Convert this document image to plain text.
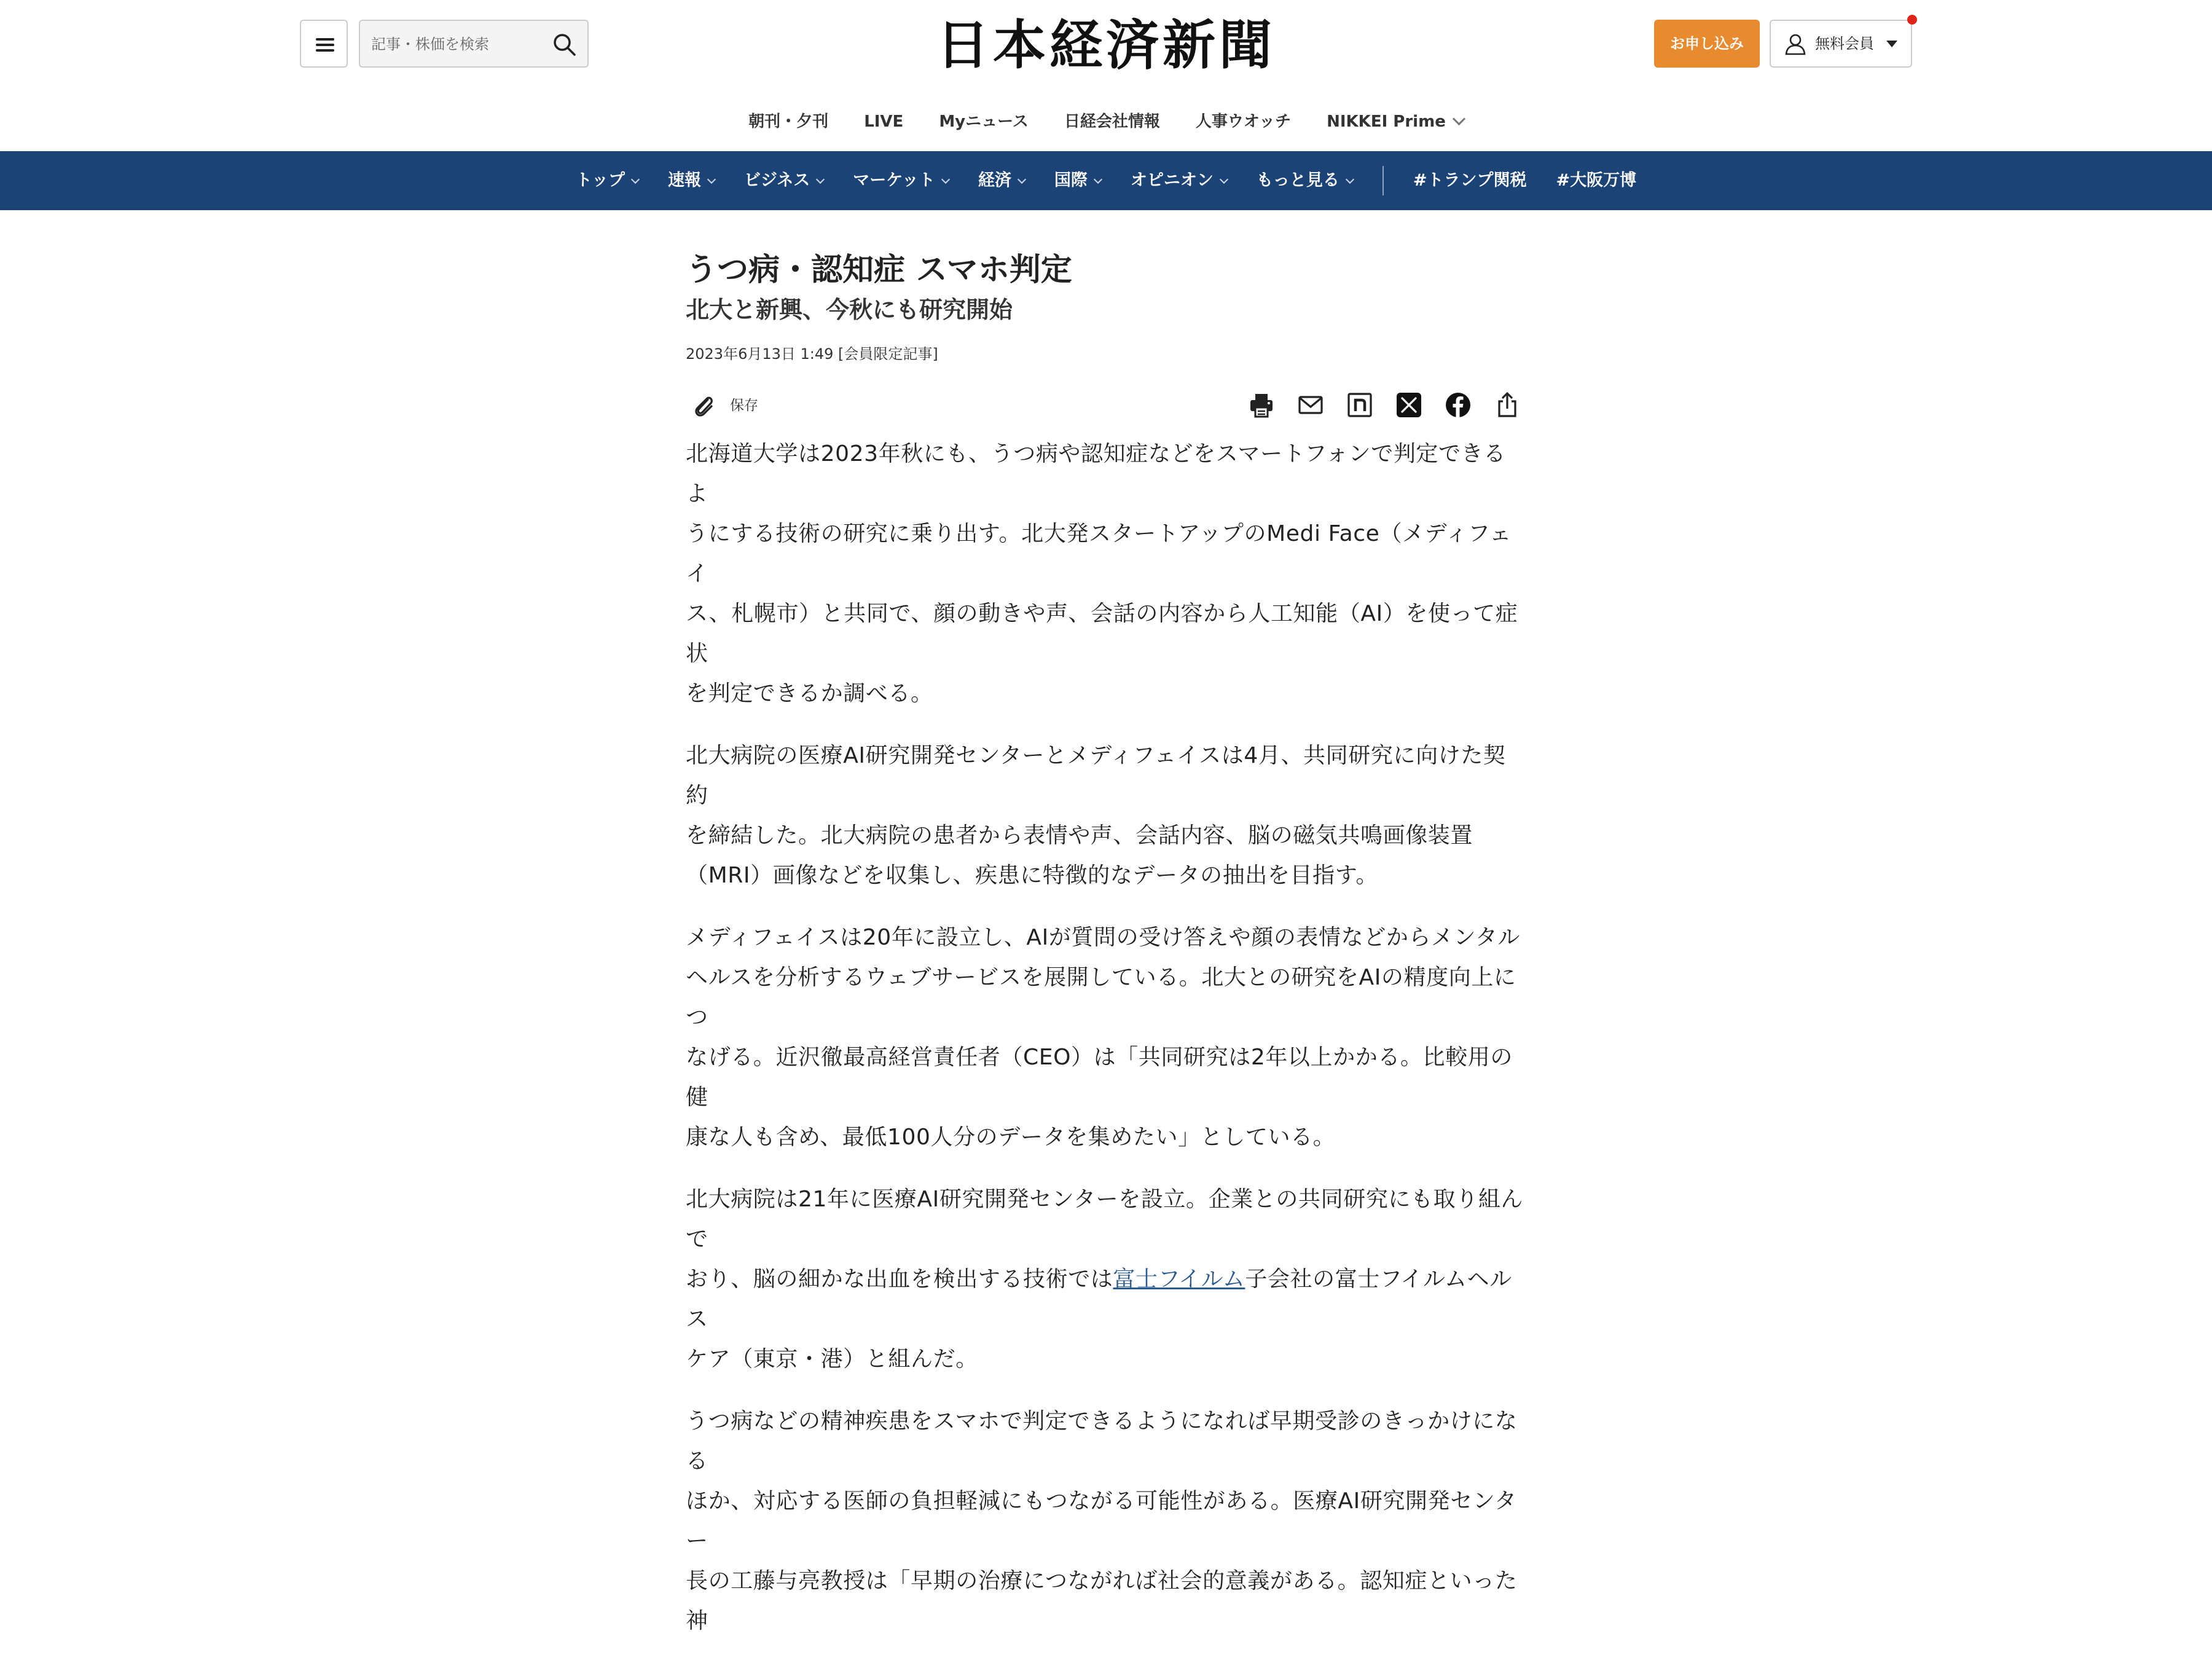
記事・株価を検索
日本経済新聞	お申し込み	無料会員
朝刊・夕刊 LIVE Myニュース 日経会社情報 人事ウオッチ NIKKEI Prime
トップ	速報	ビジネス	マーケット	経済	国際	オピニオン	もっと見る	#トランプ関税 #大阪万博
うつ病・認知症 スマホ判定
北大と新興、今秋にも研究開始
2023年6月13日 1:49 [会員限定記事]
保存

北海道大学は2023年秋にも、うつ病や認知症などをスマートフォンで判定できるよ
うにする技術の研究に乗り出す。北大発スタートアップのMedi Face（メディフェイ
ス、札幌市）と共同で、顔の動きや声、会話の内容から人工知能（AI）を使って症状
を判定できるか調べる。

北大病院の医療AI研究開発センターとメディフェイスは4月、共同研究に向けた契約
を締結した。北大病院の患者から表情や声、会話内容、脳の磁気共鳴画像装置
（MRI）画像などを収集し、疾患に特徴的なデータの抽出を目指す。

メディフェイスは20年に設立し、AIが質問の受け答えや顔の表情などからメンタル
ヘルスを分析するウェブサービスを展開している。北大との研究をAIの精度向上につ
なげる。近沢徹最高経営責任者（CEO）は「共同研究は2年以上かかる。比較用の健
康な人も含め、最低100人分のデータを集めたい」としている。

北大病院は21年に医療AI研究開発センターを設立。企業との共同研究にも取り組んで
おり、脳の細かな出血を検出する技術では富士フイルム子会社の富士フイルムヘルス
ケア（東京・港）と組んだ。

うつ病などの精神疾患をスマホで判定できるようになれば早期受診のきっかけになる
ほか、対応する医師の負担軽減にもつながる可能性がある。医療AI研究開発センター
長の工藤与亮教授は「早期の治療につながれば社会的意義がある。認知症といった神
